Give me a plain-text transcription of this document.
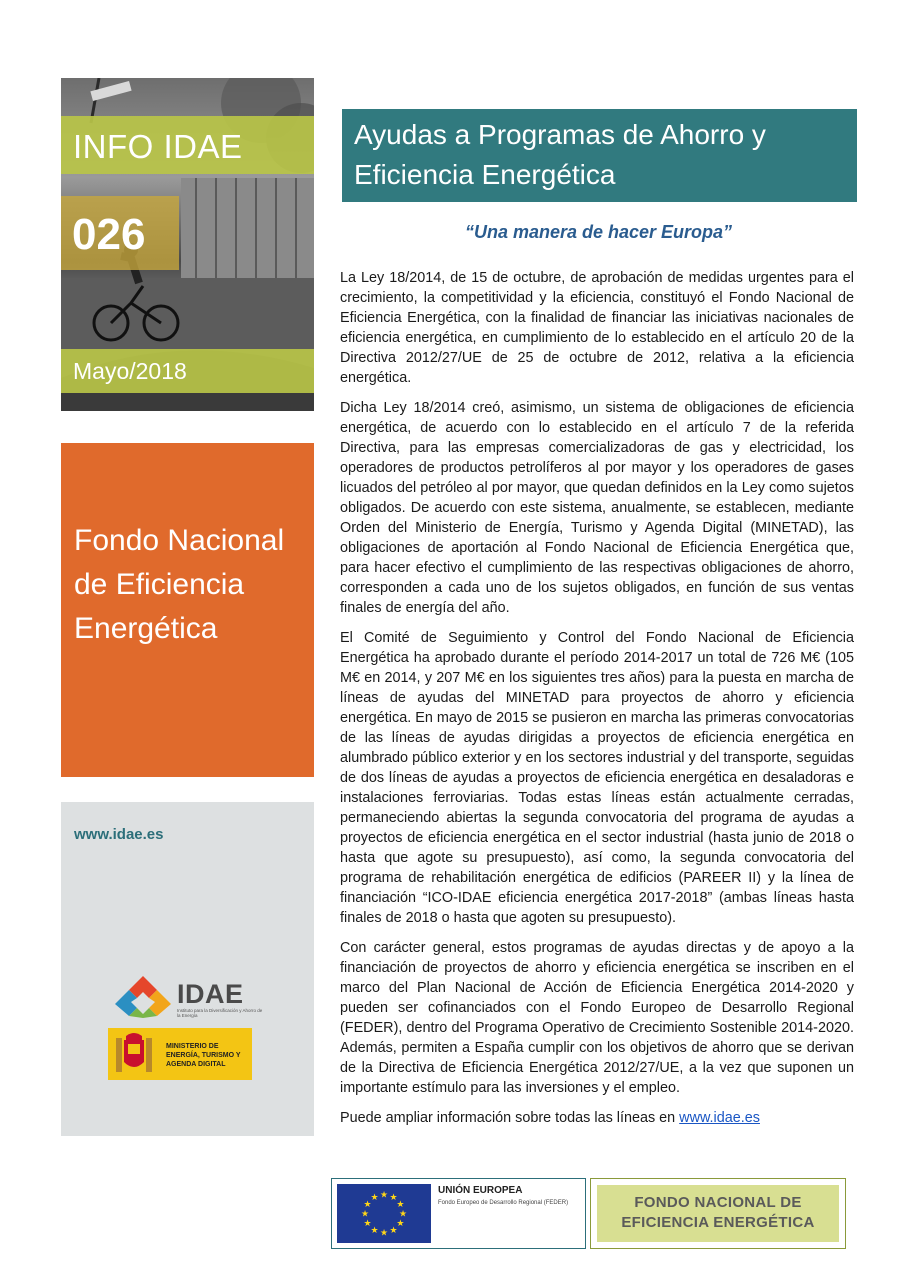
INFO IDAE
026
Mayo/2018
Fondo Nacional de Eficiencia Energética
www.idae.es
IDAE
Instituto para la Diversificación y Ahorro de la Energía
MINISTERIO DE ENERGÍA, TURISMO Y AGENDA DIGITAL
Ayudas a Programas de Ahorro y Eficiencia Energética
“Una manera de hacer Europa”

La Ley 18/2014, de 15 de octubre, de aprobación de medidas urgentes para el crecimiento, la competitividad y la eficiencia, constituyó el Fondo Nacional de Eficiencia Energética, con la finalidad de financiar las iniciativas nacionales de eficiencia energética, en cumplimiento de lo establecido en el artículo 20 de la Directiva 2012/27/UE de 25 de octubre de 2012, relativa a la eficiencia energética.

Dicha Ley 18/2014 creó, asimismo, un sistema de obligaciones de eficiencia energética, de acuerdo con lo establecido en el artículo 7 de la referida Directiva, para las empresas comercializadoras de gas y electricidad, los operadores de productos petrolíferos al por mayor y los operadores de gases licuados del petróleo al por mayor, que quedan definidos en la Ley como sujetos obligados. De acuerdo con este sistema, anualmente, se establecen, mediante Orden del Ministerio de Energía, Turismo y Agenda Digital (MINETAD), las obligaciones de aportación al Fondo Nacional de Eficiencia Energética que, para hacer efectivo el cumplimiento de las respectivas obligaciones de ahorro, corresponden a cada uno de los sujetos obligados, en función de sus ventas finales de energía del año.

El Comité de Seguimiento y Control del Fondo Nacional de Eficiencia Energética ha aprobado durante el período 2014-2017 un total de 726 M€ (105 M€ en 2014, y 207 M€ en los siguientes tres años) para la puesta en marcha de líneas de ayudas del MINETAD para proyectos de ahorro y eficiencia energética. En mayo de 2015 se pusieron en marcha las primeras convocatorias de las líneas de ayudas dirigidas a proyectos de eficiencia energética en alumbrado público exterior y en los sectores industrial y del transporte, seguidas de dos líneas de ayudas a proyectos de eficiencia energética en desaladoras e instalaciones ferroviarias. Todas estas líneas están actualmente cerradas, permaneciendo abiertas la segunda convocatoria del programa de ayudas a proyectos de eficiencia energética en el sector industrial (hasta junio de 2018 o hasta que agote su presupuesto), así como, la segunda convocatoria del programa de rehabilitación energética de edificios (PAREER II) y la línea de financiación “ICO-IDAE eficiencia energética 2017-2018” (ambas líneas hasta finales de 2018 o hasta que agoten su presupuesto).

Con carácter general, estos programas de ayudas directas y de apoyo a la financiación de proyectos de ahorro y eficiencia energética se inscriben en el marco del Plan Nacional de Acción de Eficiencia Energética 2014-2020 y pueden ser cofinanciados con el Fondo Europeo de Desarrollo Regional (FEDER), dentro del Programa Operativo de Crecimiento Sostenible 2014-2020. Además, permiten a España cumplir con los objetivos de ahorro que se derivan de la Directiva de Eficiencia Energética 2012/27/UE, a la vez que suponen un importante estímulo para las inversiones y el empleo.

Puede ampliar información sobre todas las líneas en www.idae.es

★ ★
★
★
★
★
★
★
★
★
★
★
UNIÓN EUROPEA
Fondo Europeo de Desarrollo Regional (FEDER)	FONDO NACIONAL DE
EFICIENCIA ENERGÉTICA
